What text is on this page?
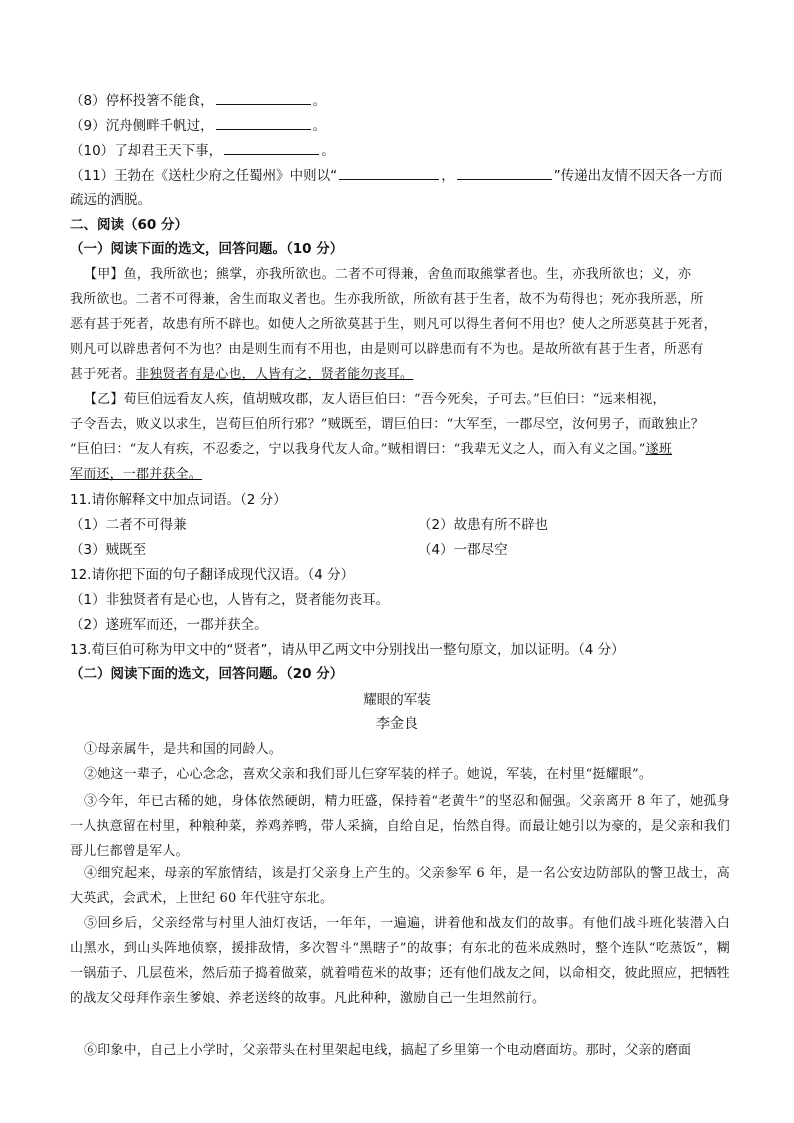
（8）停杯投箸不能食，	。
（9）沉舟侧畔千帆过，	。
（10）了却君王天下事，	。
（11）王勃在《送杜少府之任蜀州》中则以“	，	”传递出友情不因天各一方而
疏远的洒脱。
二、阅读（60 分）
（一）阅读下面的选文，回答问题。（10 分）
【甲】鱼，我所欲也；熊掌，亦我所欲也。二者不可得兼，舍鱼而取熊掌者也。生，亦我所欲也；义，亦
我所欲也。二者不可得兼，舍生而取义者也。生亦我所欲，所欲有甚于生者，故不为苟得也；死亦我所恶，所
恶有甚于死者，故患有所不辟也。如使人之所欲莫甚于生，则凡可以得生者何不用也？使人之所恶莫甚于死者，
则凡可以辟患者何不为也？由是则生而有不用也，由是则可以辟患而有不为也。是故所欲有甚于生者，所恶有
甚于死者。非独贤者有是心也，人皆有之，贤者能勿丧耳。
【乙】荀巨伯远看友人疾，值胡贼攻郡，友人语巨伯曰：“吾今死矣，子可去。”巨伯曰：“远来相视，
子令吾去，败义以求生，岂荀巨伯所行邪？”贼既至，谓巨伯曰：“大军至，一郡尽空，汝何男子，而敢独止？
”巨伯曰：“友人有疾，不忍委之，宁以我身代友人命。”贼相谓曰：“我辈无义之人，而入有义之国。”遂班
军而还，一郡并获全。
11.请你解释文中加点词语。（2 分）
（1）二者不可得兼	（2）故患有所不辟也
（3）贼既至	（4）一郡尽空
12.请你把下面的句子翻译成现代汉语。（4 分）
（1）非独贤者有是心也，人皆有之，贤者能勿丧耳。
（2）遂班军而还，一郡并获全。
13.荀巨伯可称为甲文中的“贤者”，请从甲乙两文中分别找出一整句原文，加以证明。（4 分）
（二）阅读下面的选文，回答问题。（20 分）
耀眼的军装
李金良
①母亲属牛，是共和国的同龄人。
②她这一辈子，心心念念，喜欢父亲和我们哥儿仨穿军装的样子。她说，军装，在村里“挺耀眼”。
③今年，年已古稀的她，身体依然硬朗，精力旺盛，保持着“老黄牛”的坚忍和倔强。父亲离开 8 年了，她孤身一人执意留在村里，种粮种菜，养鸡养鸭，带人采摘，自给自足，怡然自得。而最让她引以为豪的，是父亲和我们哥儿仨都曾是军人。
④细究起来，母亲的军旅情结，该是打父亲身上产生的。父亲参军 6 年，是一名公安边防部队的警卫战士，高大英武，会武术，上世纪 60 年代驻守东北。
⑤回乡后，父亲经常与村里人油灯夜话，一年年，一遍遍，讲着他和战友们的故事。有他们战斗班化装潜入白山黑水，到山头阵地侦察，援排敌情，多次智斗“黑瞎子”的故事；有东北的苞米成熟时，整个连队“吃蒸饭”，糊一锅茄子、几层苞米，然后茄子捣着做菜，就着啃苞米的故事；还有他们战友之间，以命相交，彼此照应，把牺牲的战友父母拜作亲生爹娘、养老送终的故事。凡此种种，激励自己一生坦然前行。
⑥印象中，自己上小学时，父亲带头在村里架起电线，搞起了乡里第一个电动磨面坊。那时，父亲的磨面
